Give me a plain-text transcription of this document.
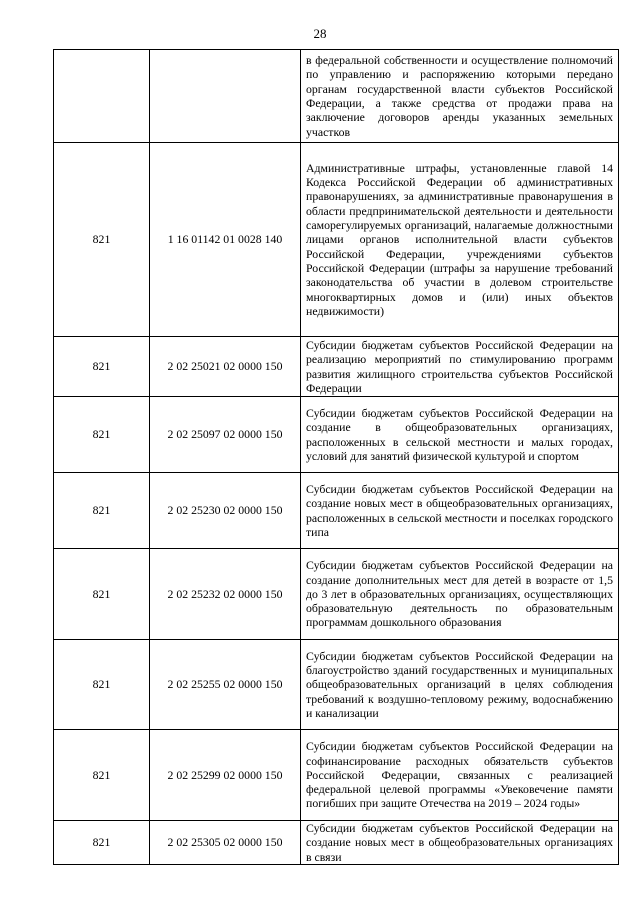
28

		в федеральной собственности и осуществление полномочий по управлению и распоряжению которыми передано органам государственной власти субъектов Российской Федерации, а также средства от продажи права на заключение договоров аренды указанных земельных участков

821	1 16 01142 01 0028 140	Административные штрафы, установленные главой 14 Кодекса Российской Федерации об административных правонарушениях, за административные правонарушения в области предпринимательской деятельности и деятельности саморегулируемых организаций, налагаемые должностными лицами органов исполнительной власти субъектов Российской Федерации, учреждениями субъектов Российской Федерации (штрафы за нарушение требований законодательства об участии в долевом строительстве многоквартирных домов и (или) иных объектов недвижимости)

821	2 02 25021 02 0000 150	Субсидии бюджетам субъектов Российской Федерации на реализацию мероприятий по стимулированию программ развития жилищного строительства субъектов Российской Федерации

821	2 02 25097 02 0000 150	Субсидии бюджетам субъектов Российской Федерации на создание в общеобразовательных организациях, расположенных в сельской местности и малых городах, условий для занятий физической культурой и спортом

821	2 02 25230 02 0000 150	Субсидии бюджетам субъектов Российской Федерации на создание новых мест в общеобразовательных организациях, расположенных в сельской местности и поселках городского типа

821	2 02 25232 02 0000 150	Субсидии бюджетам субъектов Российской Федерации на создание дополнительных мест для детей в возрасте от 1,5 до 3 лет в образовательных организациях, осуществляющих образовательную деятельность по образовательным программам дошкольного образования

821	2 02 25255 02 0000 150	Субсидии бюджетам субъектов Российской Федерации на благоустройство зданий государственных и муниципальных общеобразовательных организаций в целях соблюдения требований к воздушно-тепловому режиму, водоснабжению и канализации

821	2 02 25299 02 0000 150	Субсидии бюджетам субъектов Российской Федерации на софинансирование расходных обязательств субъектов Российской Федерации, связанных с реализацией федеральной целевой программы «Увековечение памяти погибших при защите Отечества на 2019 – 2024 годы»

821	2 02 25305 02 0000 150	Субсидии бюджетам субъектов Российской Федерации на создание новых мест в общеобразовательных организациях в связи
